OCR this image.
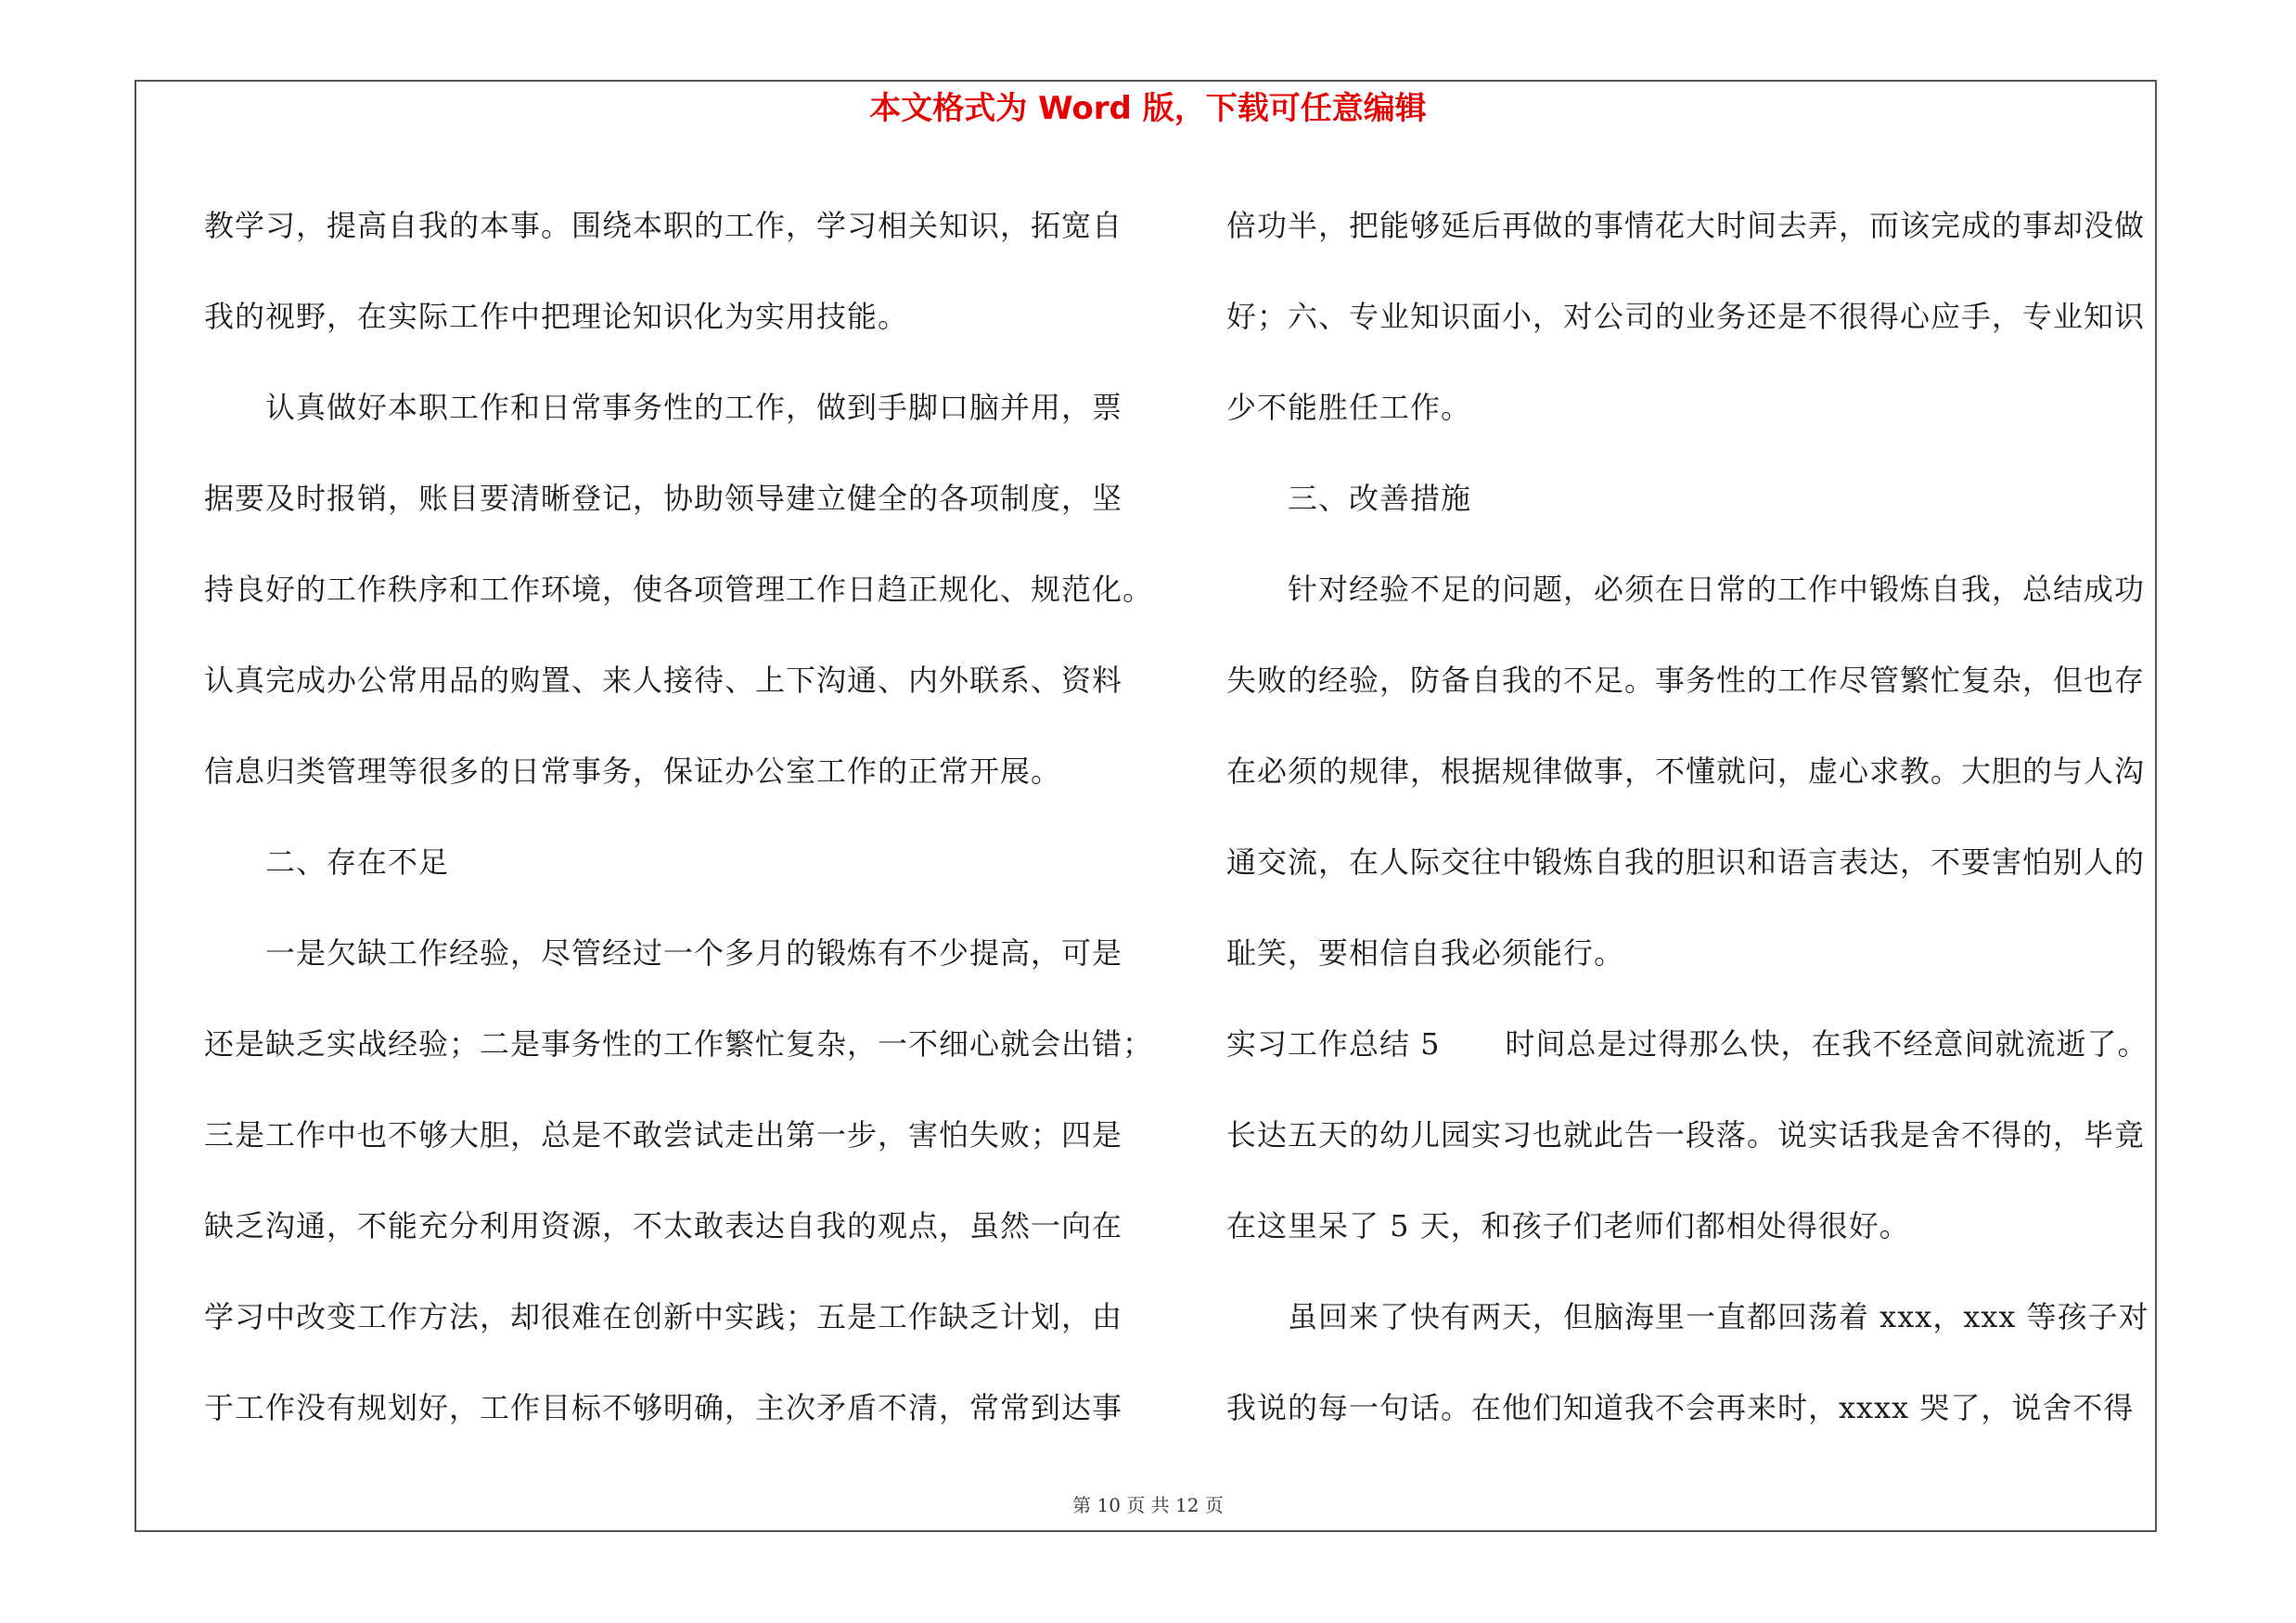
本文格式为 Word 版，下载可任意编辑
教学习，提高自我的本事。围绕本职的工作，学习相关知识，拓宽自
我的视野，在实际工作中把理论知识化为实用技能。
认真做好本职工作和日常事务性的工作，做到手脚口脑并用，票
据要及时报销，账目要清晰登记，协助领导建立健全的各项制度，坚
持良好的工作秩序和工作环境，使各项管理工作日趋正规化、规范化。
认真完成办公常用品的购置、来人接待、上下沟通、内外联系、资料
信息归类管理等很多的日常事务，保证办公室工作的正常开展。
二、存在不足
一是欠缺工作经验，尽管经过一个多月的锻炼有不少提高，可是
还是缺乏实战经验；二是事务性的工作繁忙复杂，一不细心就会出错；
三是工作中也不够大胆，总是不敢尝试走出第一步，害怕失败；四是
缺乏沟通，不能充分利用资源，不太敢表达自我的观点，虽然一向在
学习中改变工作方法，却很难在创新中实践；五是工作缺乏计划，由
于工作没有规划好，工作目标不够明确，主次矛盾不清，常常到达事
倍功半，把能够延后再做的事情花大时间去弄，而该完成的事却没做
好；六、专业知识面小，对公司的业务还是不很得心应手，专业知识
少不能胜任工作。
三、改善措施
针对经验不足的问题，必须在日常的工作中锻炼自我，总结成功
失败的经验，防备自我的不足。事务性的工作尽管繁忙复杂，但也存
在必须的规律，根据规律做事，不懂就问，虚心求教。大胆的与人沟
通交流，在人际交往中锻炼自我的胆识和语言表达，不要害怕别人的
耻笑，要相信自我必须能行。
实习工作总结 5 时间总是过得那么快，在我不经意间就流逝了。
长达五天的幼儿园实习也就此告一段落。说实话我是舍不得的，毕竟
在这里呆了 5 天，和孩子们老师们都相处得很好。
虽回来了快有两天，但脑海里一直都回荡着 xxx，xxx 等孩子对
我说的每一句话。在他们知道我不会再来时，xxxx 哭了，说舍不得
第 10 页 共 12 页
